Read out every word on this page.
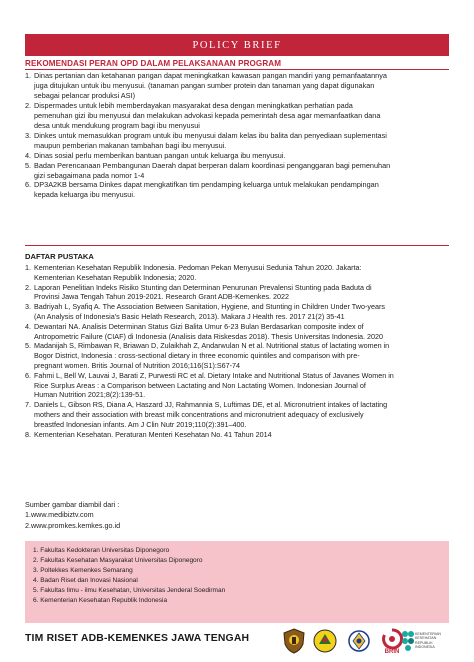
POLICY BRIEF
REKOMENDASI PERAN OPD DALAM PELAKSANAAN PROGRAM
1. Dinas pertanian dan ketahanan pangan dapat meningkatkan kawasan pangan mandiri yang pemanfaatannya
juga ditujukan untuk ibu menyusui. (tanaman pangan sumber protein dan tanaman yang dapat digunakan
sebagai pelancar produksi ASI)
2. Dispermades untuk lebih memberdayakan masyarakat desa dengan meningkatkan perhatian pada
pemenuhan gizi ibu menyusui dan melakukan advokasi kepada pemerintah desa agar memanfaatkan dana
desa untuk mendukung program bagi ibu menyusui
3. Dinkes untuk memasukkan program untuk ibu menyusui dalam kelas ibu balita dan penyediaan suplementasi
maupun pemberian makanan tambahan bagi ibu menyusui.
4. Dinas sosial perlu memberikan bantuan pangan untuk keluarga ibu menyusui.
5. Badan Perencanaan Pembangunan Daerah dapat berperan dalam koordinasi penganggaran bagi pemenuhan
gizi sebagaimana pada nomor 1-4
6. DP3A2KB bersama Dinkes dapat mengkatifkan tim pendamping keluarga untuk melakukan pendampingan
kepada keluarga ibu menyusui.
DAFTAR PUSTAKA
1. Kementerian Kesehatan Republik Indonesia. Pedoman Pekan Menyusui Sedunia Tahun 2020. Jakarta:
Kementerian Kesehatan Republik Indonesia; 2020.
2. Laporan Penelitian Indeks Risiko Stunting dan Determinan Penurunan Prevalensi Stunting pada Baduta di
Provinsi Jawa Tengah Tahun 2019-2021. Research Grant ADB-Kemenkes. 2022
3. Badriyah L, Syafiq A. The Association Between Sanitation, Hygiene, and Stunting in Children Under Two-years
(An Analysis of Indonesia's Basic Helath Research, 2013). Makara J Health res. 2017 21(2) 35-41
4. Dewantari NA. Analisis Determinan Status Gizi Balita Umur 6-23 Bulan Berdasarkan composite index of
Antropometric Failure (CIAF) di Indonesia (Analisis data Riskesdas 2018). Thesis Universitas Indonesia. 2020
5. Madanijah S, Rimbawan R, Briawan D, Zulaikhah Z, Andarwulan N et al. Nutritional status of lactating women in
Bogor District, Indonesia : cross-sectional dietary in three economic quintiles and comparison with pre-
pregnant women. Britis Journal of Nutrition 2016;116(S1):S67-74
6. Fahmi L, Bell W, Lauvai J, Barati Z, Purwesti RC et al. Dietary Intake and Nutritional Status of Javanes Women in
Rice Surplus Areas : a Comparison between Lactating and Non Lactating Women. Indonesian Journal of
Human Nutrition 2021;8(2):139-51.
7. Daniels L, Gibson RS, Diana A, Haszard JJ, Rahmannia S, Luftimas DE, et al. Micronutrient intakes of lactating
mothers and their association with breast milk concentrations and micronutrient adequacy of exclusively
breastfed Indonesian infants. Am J Clin Nutr 2019;110(2):391–400.
8. Kementerian Kesehatan. Peraturan Menteri Kesehatan No. 41 Tahun 2014
Sumber gambar diambil dari :
1.www.medibiztv.com
2.www.promkes.kemkes.go.id
1. Fakultas Kedokteran Universitas Diponegoro
2. Fakultas Kesehatan Masyarakat Universitas Diponegoro
3. Poltekkes Kemenkes Semarang
4. Badan Riset dan Inovasi Nasional
5. Fakultas Ilmu - ilmu Kesehatan, Universitas Jenderal Soedirman
6. Kementerian Kesehatan Republik Indonesia
TIM RISET ADB-KEMENKES JAWA TENGAH
BRIN
KEMENTERIAN
KESEHATAN
REPUBLIK
INDONESIA
